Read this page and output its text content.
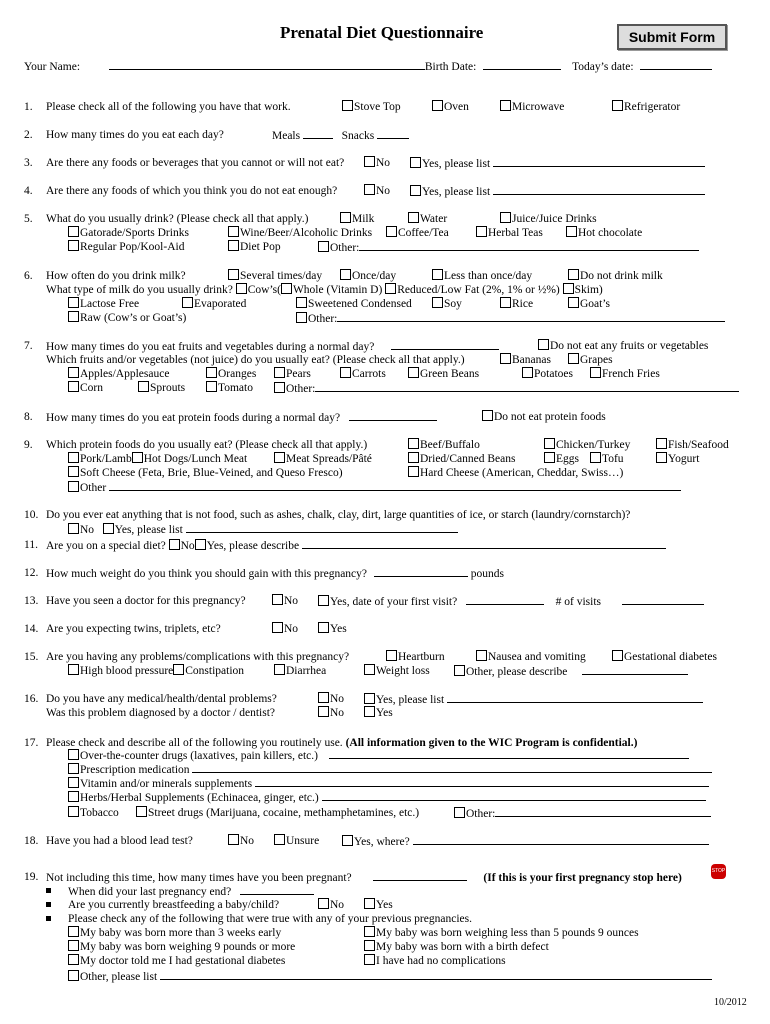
Prenatal Diet Questionnaire	Submit Form
Your Name:	Birth Date:	Today’s date:
1. Please check all of the following you have that work.	Stove Top	Oven	Microwave	Refrigerator
2. How many times do you eat each day?	Meals	Snacks
3. Are there any foods or beverages that you cannot or will not eat?	No	Yes, please list
4. Are there any foods of which you think you do not eat enough?	No	Yes, please list
5. What do you usually drink? (Please check all that apply.)	Milk	Water	Juice/Juice Drinks
Gatorade/Sports Drinks	Wine/Beer/Alcoholic Drinks	Coffee/Tea	Herbal Teas	Hot chocolate
Regular Pop/Kool-Aid	Diet Pop	Other:
6. How often do you drink milk?	Several times/day	Once/day	Less than once/day	Do not drink milk
What type of milk do you usually drink? Cow’s( Whole (Vitamin D) Reduced/Low Fat (2%, 1% or ½%) Skim)
Lactose Free	Evaporated	Sweetened Condensed	Soy	Rice	Goat’s
Raw (Cow’s or Goat’s)	Other:
7. How many times do you eat fruits and vegetables during a normal day?	Do not eat any fruits or vegetables
Which fruits and/or vegetables (not juice) do you usually eat? (Please check all that apply.)	Bananas	Grapes
Apples/Applesauce	Oranges	Pears	Carrots	Green Beans	Potatoes	French Fries
Corn	Sprouts	Tomato	Other:
8. How many times do you eat protein foods during a normal day?	Do not eat protein foods
9. Which protein foods do you usually eat? (Please check all that apply.)	Beef/Buffalo	Chicken/Turkey	Fish/Seafood
Pork/Lamb Hot Dogs/Lunch Meat	Meat Spreads/Pâté	Dried/Canned Beans	Eggs	Tofu	Yogurt
Soft Cheese (Feta, Brie, Blue-Veined, and Queso Fresco)	Hard Cheese (American, Cheddar, Swiss…)
Other
10. Do you ever eat anything that is not food, such as ashes, chalk, clay, dirt, large quantities of ice, or starch (laundry/cornstarch)?
No Yes, please list
11. Are you on a special diet? No Yes, please describe
12. How much weight do you think you should gain with this pregnancy?	pounds
13. Have you seen a doctor for this pregnancy?	No	Yes, date of your first visit?	# of visits
14. Are you expecting twins, triplets, etc?	No	Yes
15. Are you having any problems/complications with this pregnancy?	Heartburn	Nausea and vomiting	Gestational diabetes
High blood pressure Constipation	Diarrhea	Weight loss	Other, please describe
16. Do you have any medical/health/dental problems?	No	Yes, please list
Was this problem diagnosed by a doctor / dentist?	No	Yes
17. Please check and describe all of the following you routinely use. (All information given to the WIC Program is confidential.)
Over-the-counter drugs (laxatives, pain killers, etc.)
Prescription medication
Vitamin and/or minerals supplements
Herbs/Herbal Supplements (Echinacea, ginger, etc.)
Tobacco	Street drugs (Marijuana, cocaine, methamphetamines, etc.)	Other:
18. Have you had a blood lead test?	No	Unsure	Yes, where?
19. Not including this time, how many times have you been pregnant?	(If this is your first pregnancy stop here)
STOP
When did your last pregnancy end?
Are you currently breastfeeding a baby/child?	No	Yes
Please check any of the following that were true with any of your previous pregnancies.
My baby was born more than 3 weeks early	My baby was born weighing less than 5 pounds 9 ounces
My baby was born weighing 9 pounds or more	My baby was born with a birth defect
My doctor told me I had gestational diabetes	I have had no complications
Other, please list
10/2012
